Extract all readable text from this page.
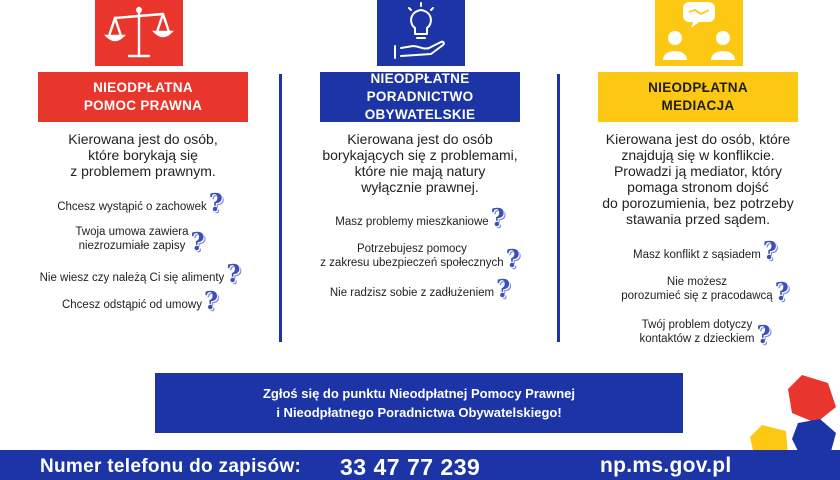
NIEODPŁATNA
POMOC PRAWNA
NIEODPŁATNE
PORADNICTWO OBYWATELSKIE
NIEODPŁATNA
MEDIACJA
Kierowana jest do osób,
które borykają się
z problemem prawnym.
Kierowana jest do osób
borykających się z problemami,
które nie mają natury
wyłącznie prawnej.
Kierowana jest do osób, które
znajdują się w konflikcie.
Prowadzi ją mediator, który
pomaga stronom dojść
do porozumienia, bez potrzeby
stawania przed sądem.
Chcesz wystąpić o zachowek ?
Twoja umowa zawiera
niezrozumiałe zapisy ?
Nie wiesz czy należą Ci się alimenty ?
Chcesz odstąpić od umowy ?
Masz problemy mieszkaniowe ?
Potrzebujesz pomocy
z zakresu ubezpieczeń społecznych ?
Nie radzisz sobie z zadłużeniem ?
Masz konflikt z sąsiadem ?
Nie możesz
porozumieć się z pracodawcą ?
Twój problem dotyczy
kontaktów z dzieckiem ?
Zgłoś się do punktu Nieodpłatnej Pomocy Prawnej
i Nieodpłatnego Poradnictwa Obywatelskiego!
Numer telefonu do zapisów: 33 47 77 239	np.ms.gov.pl
